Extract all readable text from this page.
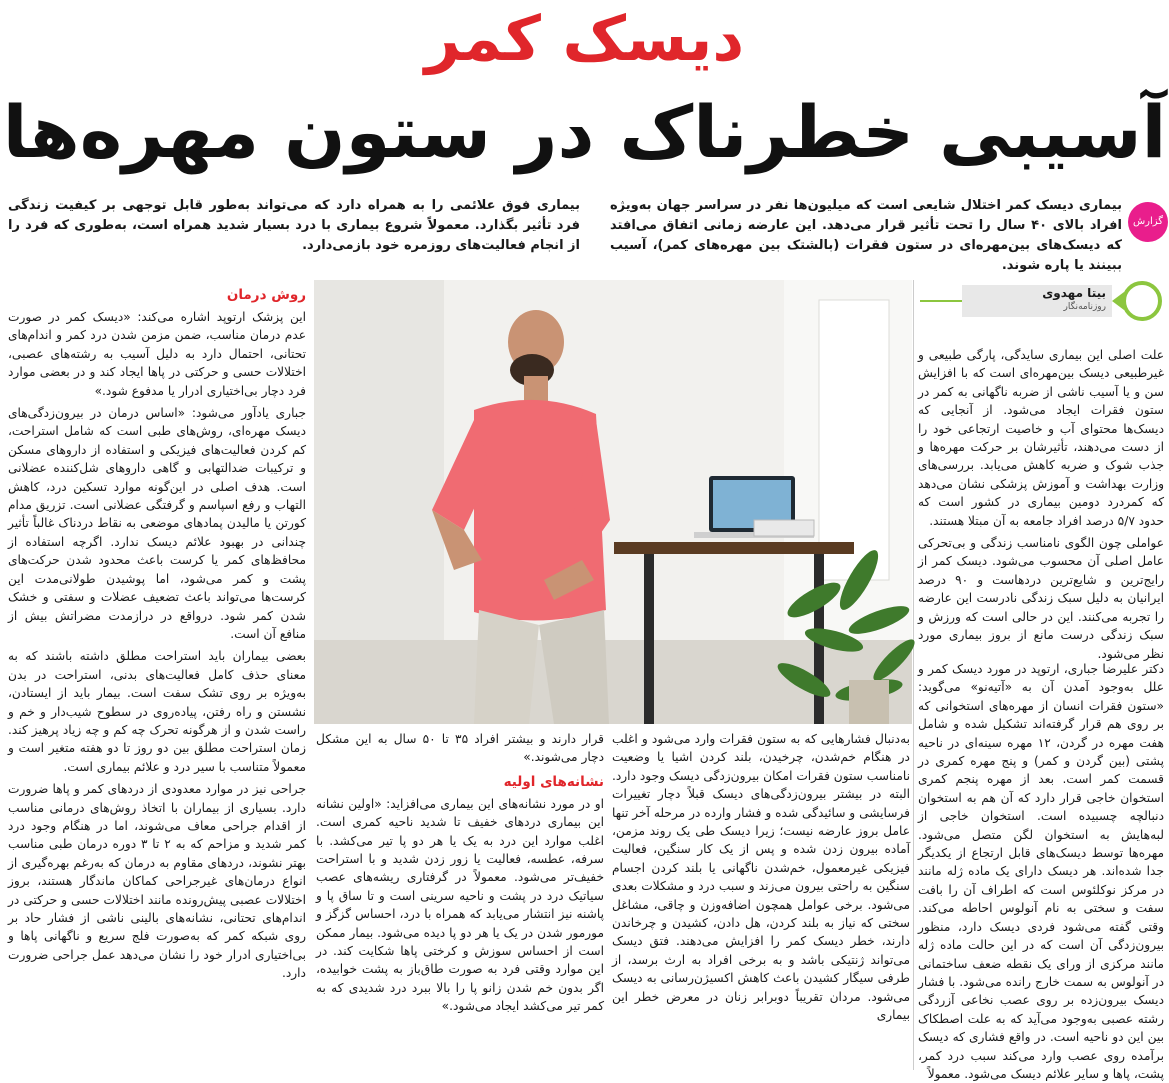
دیسک کمر
آسیبی خطرناک در ستون مهره‌ها
گزارش
بیماری دیسک کمر اختلال شایعی است که میلیون‌ها نفر در سراسر جهان به‌ویژه افراد بالای ۴۰ سال را تحت تأثیر قرار می‌دهد. این عارضه زمانی اتفاق می‌افتد که دیسک‌های بین‌مهره‌ای در ستون فقرات (بالشتک بین مهره‌های کمر)، آسیب ببینند یا پاره شوند.
بیماری فوق علائمی را به همراه دارد که می‌تواند به‌طور قابل توجهی بر کیفیت زندگی فرد تأثیر بگذارد. معمولاً شروع بیماری با درد بسیار شدید همراه است، به‌طوری که فرد را از انجام فعالیت‌های روزمره خود بازمی‌دارد.
بیتا مهدوی
روزنامه‌نگار

علت اصلی این بیماری سایدگی، پارگی طبیعی و غیرطبیعی دیسک بین‌مهره‌ای است که با افزایش سن و یا آسیب ناشی از ضربه ناگهانی به کمر در ستون فقرات ایجاد می‌شود. از آنجایی که دیسک‌ها محتوای آب و خاصیت ارتجاعی خود را از دست می‌دهند، تأثیرشان بر حرکت مهره‌ها و جذب شوک و ضربه کاهش می‌یابد. بررسی‌های وزارت بهداشت و آموزش پزشکی نشان می‌دهد که کمردرد دومین بیماری در کشور است که حدود ۵/۷ درصد افراد جامعه به آن مبتلا هستند.

عواملی چون الگوی نامناسب زندگی و بی‌تحرکی عامل اصلی آن محسوب می‌شود. دیسک کمر از رایج‌ترین و شایع‌ترین دردهاست و ۹۰ درصد ایرانیان به دلیل سبک زندگی نادرست این عارضه را تجربه می‌کنند. این در حالی است که ورزش و سبک زندگی درست مانع از بروز بیماری مورد نظر می‌شود.

دکتر علیرضا جباری، ارتوپد در مورد دیسک کمر و علل به‌وجود آمدن آن به «آتیه‌نو» می‌گوید: «ستون فقرات انسان از مهره‌های استخوانی که بر روی هم قرار گرفته‌اند تشکیل شده و شامل هفت مهره در گردن، ۱۲ مهره سینه‌ای در ناحیه پشتی (بین گردن و کمر) و پنج مهره کمری در قسمت کمر است. بعد از مهره پنجم کمری استخوان خاجی قرار دارد که آن هم به استخوان دنبالچه چسبیده است. استخوان خاجی از لبه‌هایش به استخوان لگن متصل می‌شود. مهره‌ها توسط دیسک‌های قابل ارتجاع از یکدیگر جدا شده‌اند. هر دیسک دارای یک ماده ژله مانند در مرکز نوکلئوس است که اطراف آن را بافت سفت و سختی به نام آنولوس احاطه می‌کند. وقتی گفته می‌شود فردی دیسک دارد، منظور بیرون‌زدگی آن است که در این حالت ماده ژله مانند مرکزی از ورای یک نقطه ضعف ساختمانی در آنولوس به سمت خارج رانده می‌شود. با فشار دیسک بیرون‌زده بر روی عصب نخاعی آزردگی رشته عصبی به‌وجود می‌آید که به علت اصطکاک بین این دو ناحیه است. در واقع فشاری که دیسک برآمده روی عصب وارد می‌کند سبب درد کمر، پشت، پاها و سایر علائم دیسک می‌شود. معمولاً

به‌دنبال فشارهایی که به ستون فقرات وارد می‌شود و اغلب در هنگام خم‌شدن، چرخیدن، بلند کردن اشیا یا وضعیت نامناسب ستون فقرات امکان بیرون‌زدگی دیسک وجود دارد. البته در بیشتر بیرون‌زدگی‌های دیسک قبلاً دچار تغییرات فرسایشی و سائیدگی شده و فشار وارده در مرحله آخر تنها عامل بروز عارضه نیست؛ زیرا دیسک طی یک روند مزمن، آماده بیرون زدن شده و پس از یک کار سنگین، فعالیت فیزیکی غیرمعمول، خم‌شدن ناگهانی یا بلند کردن اجسام سنگین به راحتی بیرون می‌زند و سبب درد و مشکلات بعدی می‌شود. برخی عوامل همچون اضافه‌وزن و چاقی، مشاغل سختی که نیاز به بلند کردن، هل دادن، کشیدن و چرخاندن دارند، خطر دیسک کمر را افزایش می‌دهند. فتق دیسک می‌تواند ژنتیکی باشد و به برخی افراد به ارث برسد، از طرفی سیگار کشیدن باعث کاهش اکسیژن‌رسانی به دیسک می‌شود. مردان تقریباً دوبرابر زنان در معرض خطر این بیماری

قرار دارند و بیشتر افراد ۳۵ تا ۵۰ سال به این مشکل دچار می‌شوند.»

نشانه‌های اولیه

او در مورد نشانه‌های این بیماری می‌افزاید: «اولین نشانه این بیماری دردهای خفیف تا شدید ناحیه کمری است. اغلب موارد این درد به یک یا هر دو پا تیر می‌کشد. با سرفه، عطسه، فعالیت یا زور زدن شدید و با استراحت خفیف‌تر می‌شود. معمولاً در گرفتاری ریشه‌های عصب سیاتیک درد در پشت و ناحیه سرینی است و تا ساق پا و پاشنه نیز انتشار می‌یابد که همراه با درد، احساس گزگز و مورمور شدن در یک یا هر دو پا دیده می‌شود. بیمار ممکن است از احساس سوزش و کرختی پاها شکایت کند. در این موارد وقتی فرد به صورت طاق‌باز به پشت خوابیده، اگر بدون خم شدن زانو پا را بالا ببرد درد شدیدی که به کمر تیر می‌کشد ایجاد می‌شود.»

روش درمان

این پزشک ارتوپد اشاره می‌کند: «دیسک کمر در صورت عدم درمان مناسب، ضمن مزمن شدن درد کمر و اندام‌های تحتانی، احتمال دارد به دلیل آسیب به رشته‌های عصبی، اختلالات حسی و حرکتی در پاها ایجاد کند و در بعضی موارد فرد دچار بی‌اختیاری ادرار یا مدفوع شود.»

جباری یادآور می‌شود: «اساس درمان در بیرون‌زدگی‌های دیسک مهره‌ای، روش‌های طبی است که شامل استراحت، کم کردن فعالیت‌های فیزیکی و استفاده از داروهای مسکن و ترکیبات ضدالتهابی و گاهی داروهای شل‌کننده عضلانی است. هدف اصلی در این‌گونه موارد تسکین درد، کاهش التهاب و رفع اسپاسم و گرفتگی عضلانی است. تزریق مدام کورتن یا مالیدن پمادهای موضعی به نقاط دردناک غالباً تأثیر چندانی در بهبود علائم دیسک ندارد. اگرچه استفاده از محافظ‌های کمر یا کرست باعث محدود شدن حرکت‌های پشت و کمر می‌شود، اما پوشیدن طولانی‌مدت این کرست‌ها می‌تواند باعث تضعیف عضلات و سفتی و خشک شدن کمر شود. درواقع در درازمدت مضراتش بیش از منافع آن است.

بعضی بیماران باید استراحت مطلق داشته باشند که به معنای حذف کامل فعالیت‌های بدنی، استراحت در بدن به‌ویژه بر روی تشک سفت است. بیمار باید از ایستادن، نشستن و راه رفتن، پیاده‌روی در سطوح شیب‌دار و خم و راست شدن و از هرگونه تحرک چه کم و چه زیاد پرهیز کند. زمان استراحت مطلق بین دو روز تا دو هفته متغیر است و معمولاً متناسب با سیر درد و علائم بیماری است.

جراحی نیز در موارد معدودی از دردهای کمر و پاها ضرورت دارد. بسیاری از بیماران با اتخاذ روش‌های درمانی مناسب از اقدام جراحی معاف می‌شوند، اما در هنگام وجود درد کمر شدید و مزاحم که به ۲ تا ۳ دوره درمان طبی مناسب بهتر نشوند، دردهای مقاوم به درمان که به‌رغم بهره‌گیری از انواع درمان‌های غیرجراحی کماکان ماندگار هستند، بروز اختلالات عصبی پیش‌رونده مانند اختلالات حسی و حرکتی در اندام‌های تحتانی، نشانه‌های بالینی ناشی از فشار حاد بر روی شبکه کمر که به‌صورت فلج سریع و ناگهانی پاها و بی‌اختیاری ادرار خود را نشان می‌دهد عمل جراحی ضرورت دارد.
